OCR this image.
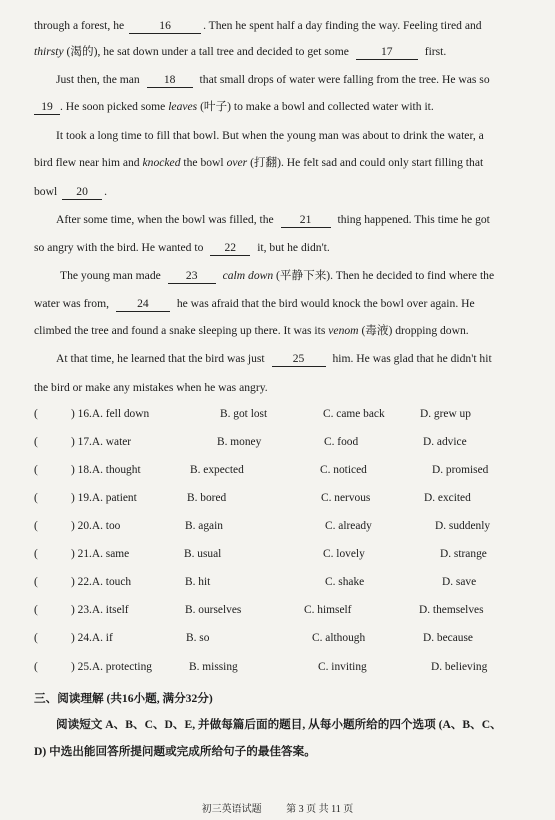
through a forest, he	16	. Then he spent half a day finding the way. Feeling tired and
thirsty (渴的), he sat down under a tall tree and decided to get some	17	first.
Just then, the man 18 that small drops of water were falling from the tree. He was so
19 . He soon picked some leaves (叶子) to make a bowl and collected water with it.
It took a long time to fill that bowl. But when the young man was about to drink the water, a
bird flew near him and knocked the bowl over (打翻). He felt sad and could only start filling that
bowl 20 .
After some time, when the bowl was filled, the 21 thing happened. This time he got
so angry with the bird. He wanted to 22 it, but he didn't.
The young man made 23 calm down (平静下来). Then he decided to find where the
water was from, 24 he was afraid that the bird would knock the bowl over again. He
climbed the tree and found a snake sleeping up there. It was its venom (毒液) dropping down.
At that time, he learned that the bird was just 25 him. He was glad that he didn't hit
the bird or make any mistakes when he was angry.
(	) 16.A. fell down	B. got lost	C. came back	D. grew up
(	) 17.A. water	B. money	C. food	D. advice
(	) 18.A. thought	B. expected	C. noticed	D. promised
(	) 19.A. patient	B. bored	C. nervous	D. excited
(	) 20.A. too	B. again	C. already	D. suddenly
(	) 21.A. same	B. usual	C. lovely	D. strange
(	) 22.A. touch	B. hit	C. shake	D. save
(	) 23.A. itself	B. ourselves	C. himself	D. themselves
(	) 24.A. if	B. so	C. although	D. because
(	) 25.A. protecting	B. missing	C. inviting	D. believing
三、阅读理解 (共16小题, 满分32分)
阅读短文 A、B、C、D、E, 并做每篇后面的题目, 从每小题所给的四个选项 (A、B、C、
D) 中选出能回答所提问题或完成所给句子的最佳答案。
初三英语试题 第 3 页 共 11 页
